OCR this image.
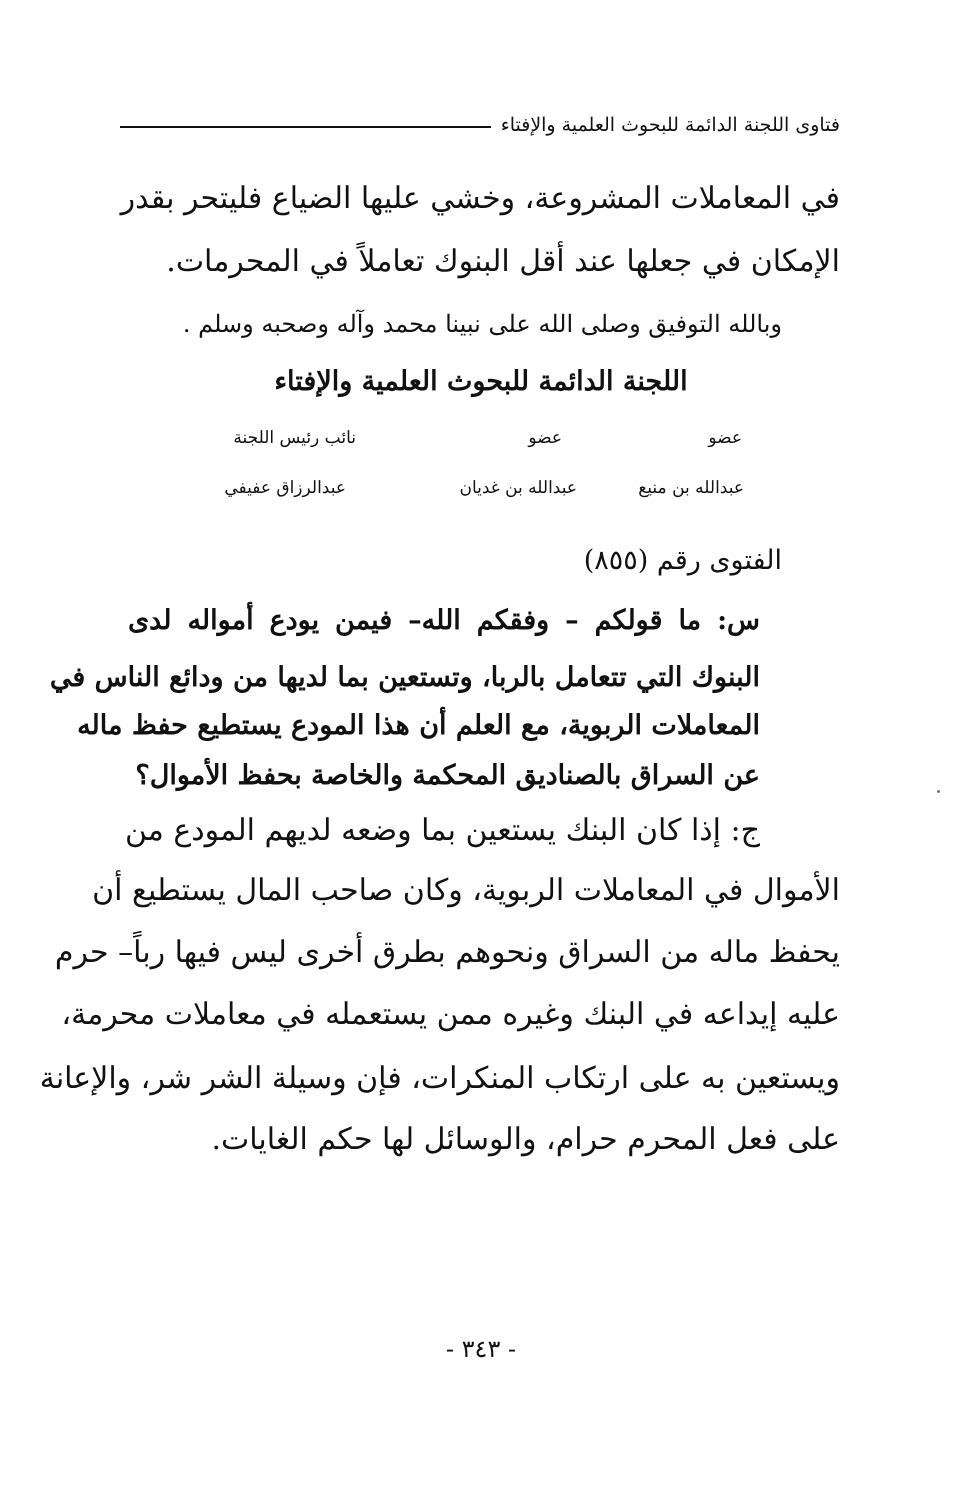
فتاوى اللجنة الدائمة للبحوث العلمية والإفتاء
في المعاملات المشروعة، وخشي عليها الضياع فليتحر بقدر
الإمكان في جعلها عند أقل البنوك تعاملاً في المحرمات.
وبالله التوفيق وصلى الله على نبينا محمد وآله وصحبه وسلم .
اللجنة الدائمة للبحوث العلمية والإفتاء
عضو
عضو
نائب رئيس اللجنة
عبدالله بن منيع
عبدالله بن غديان
عبدالرزاق عفيفي
الفتوى رقم (٨٥٥)
س: ما قولكم – وفقكم الله– فيمن يودع أمواله لدى
البنوك التي تتعامل بالربا، وتستعين بما لديها من ودائع الناس في
المعاملات الربوية، مع العلم أن هذا المودع يستطيع حفظ ماله
عن السراق بالصناديق المحكمة والخاصة بحفظ الأموال؟
ج: إذا كان البنك يستعين بما وضعه لديهم المودع من
الأموال في المعاملات الربوية، وكان صاحب المال يستطيع أن
يحفظ ماله من السراق ونحوهم بطرق أخرى ليس فيها رباً– حرم
عليه إيداعه في البنك وغيره ممن يستعمله في معاملات محرمة،
ويستعين به على ارتكاب المنكرات، فإن وسيلة الشر شر، والإعانة
على فعل المحرم حرام، والوسائل لها حكم الغايات.
- ٣٤٣ -
